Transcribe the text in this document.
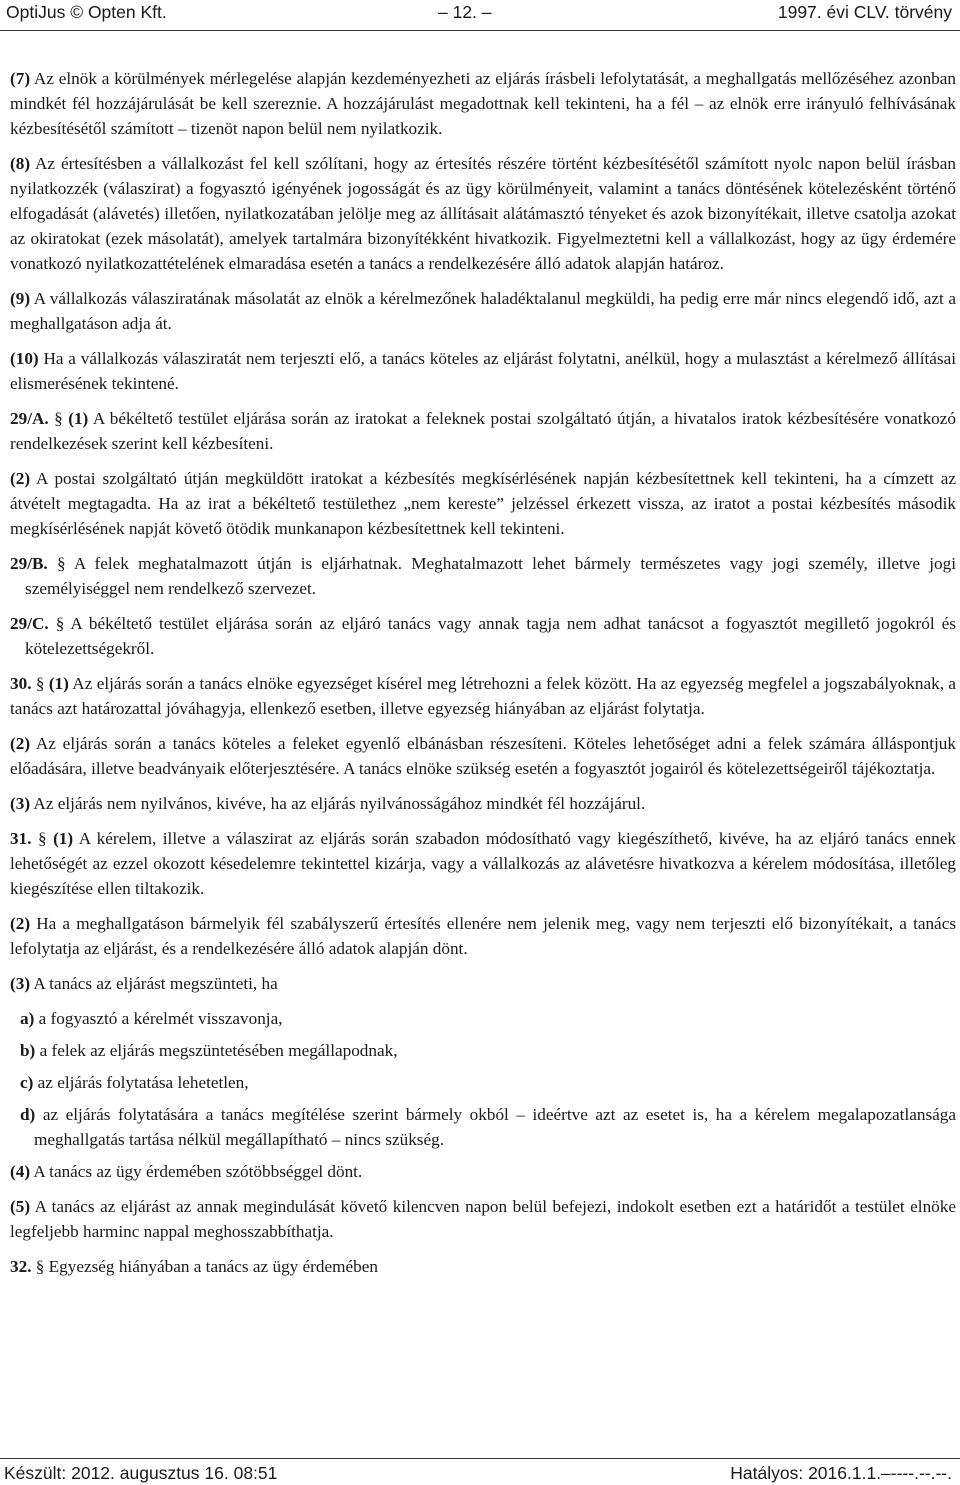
OptiJus © Opten Kft.	– 12. –	1997. évi CLV. törvény

(7) Az elnök a körülmények mérlegelése alapján kezdeményezheti az eljárás írásbeli lefolytatását, a meghallgatás mellőzéséhez azonban mindkét fél hozzájárulását be kell szereznie. A hozzájárulást megadottnak kell tekinteni, ha a fél – az elnök erre irányuló felhívásának kézbesítésétől számított – tizenöt napon belül nem nyilatkozik.

(8) Az értesítésben a vállalkozást fel kell szólítani, hogy az értesítés részére történt kézbesítésétől számított nyolc napon belül írásban nyilatkozzék (válaszirat) a fogyasztó igényének jogosságát és az ügy körülményeit, valamint a tanács döntésének kötelezésként történő elfogadását (alávetés) illetően, nyilatkozatában jelölje meg az állításait alátámasztó tényeket és azok bizonyítékait, illetve csatolja azokat az okiratokat (ezek másolatát), amelyek tartalmára bizonyítékként hivatkozik. Figyelmeztetni kell a vállalkozást, hogy az ügy érdemére vonatkozó nyilatkozattételének elmaradása esetén a tanács a rendelkezésére álló adatok alapján határoz.

(9) A vállalkozás válasziratának másolatát az elnök a kérelmezőnek haladéktalanul megküldi, ha pedig erre már nincs elegendő idő, azt a meghallgatáson adja át.

(10) Ha a vállalkozás válasziratát nem terjeszti elő, a tanács köteles az eljárást folytatni, anélkül, hogy a mulasztást a kérelmező állításai elismerésének tekintené.

29/A. § (1) A békéltető testület eljárása során az iratokat a feleknek postai szolgáltató útján, a hivatalos iratok kézbesítésére vonatkozó rendelkezések szerint kell kézbesíteni.

(2) A postai szolgáltató útján megküldött iratokat a kézbesítés megkísérlésének napján kézbesítettnek kell tekinteni, ha a címzett az átvételt megtagadta. Ha az irat a békéltető testülethez „nem kereste” jelzéssel érkezett vissza, az iratot a postai kézbesítés második megkísérlésének napját követő ötödik munkanapon kézbesítettnek kell tekinteni.

29/B. § A felek meghatalmazott útján is eljárhatnak. Meghatalmazott lehet bármely természetes vagy jogi személy, illetve jogi személyiséggel nem rendelkező szervezet.

29/C. § A békéltető testület eljárása során az eljáró tanács vagy annak tagja nem adhat tanácsot a fogyasztót megillető jogokról és kötelezettségekről.

30. § (1) Az eljárás során a tanács elnöke egyezséget kísérel meg létrehozni a felek között. Ha az egyezség megfelel a jogszabályoknak, a tanács azt határozattal jóváhagyja, ellenkező esetben, illetve egyezség hiányában az eljárást folytatja.

(2) Az eljárás során a tanács köteles a feleket egyenlő elbánásban részesíteni. Köteles lehetőséget adni a felek számára álláspontjuk előadására, illetve beadványaik előterjesztésére. A tanács elnöke szükség esetén a fogyasztót jogairól és kötelezettségeiről tájékoztatja.

(3) Az eljárás nem nyilvános, kivéve, ha az eljárás nyilvánosságához mindkét fél hozzájárul.

31. § (1) A kérelem, illetve a válaszirat az eljárás során szabadon módosítható vagy kiegészíthető, kivéve, ha az eljáró tanács ennek lehetőségét az ezzel okozott késedelemre tekintettel kizárja, vagy a vállalkozás az alávetésre hivatkozva a kérelem módosítása, illetőleg kiegészítése ellen tiltakozik.

(2) Ha a meghallgatáson bármelyik fél szabályszerű értesítés ellenére nem jelenik meg, vagy nem terjeszti elő bizonyítékait, a tanács lefolytatja az eljárást, és a rendelkezésére álló adatok alapján dönt.

(3) A tanács az eljárást megszünteti, ha

a) a fogyasztó a kérelmét visszavonja,

b) a felek az eljárás megszüntetésében megállapodnak,

c) az eljárás folytatása lehetetlen,

d) az eljárás folytatására a tanács megítélése szerint bármely okból – ideértve azt az esetet is, ha a kérelem megalapozatlansága meghallgatás tartása nélkül megállapítható – nincs szükség.

(4) A tanács az ügy érdemében szótöbbséggel dönt.

(5) A tanács az eljárást az annak megindulását követő kilencven napon belül befejezi, indokolt esetben ezt a határidőt a testület elnöke legfeljebb harminc nappal meghosszabbíthatja.

32. § Egyezség hiányában a tanács az ügy érdemében

Készült: 2012. augusztus 16. 08:51	Hatályos: 2016.1.1.–----.--.--.
